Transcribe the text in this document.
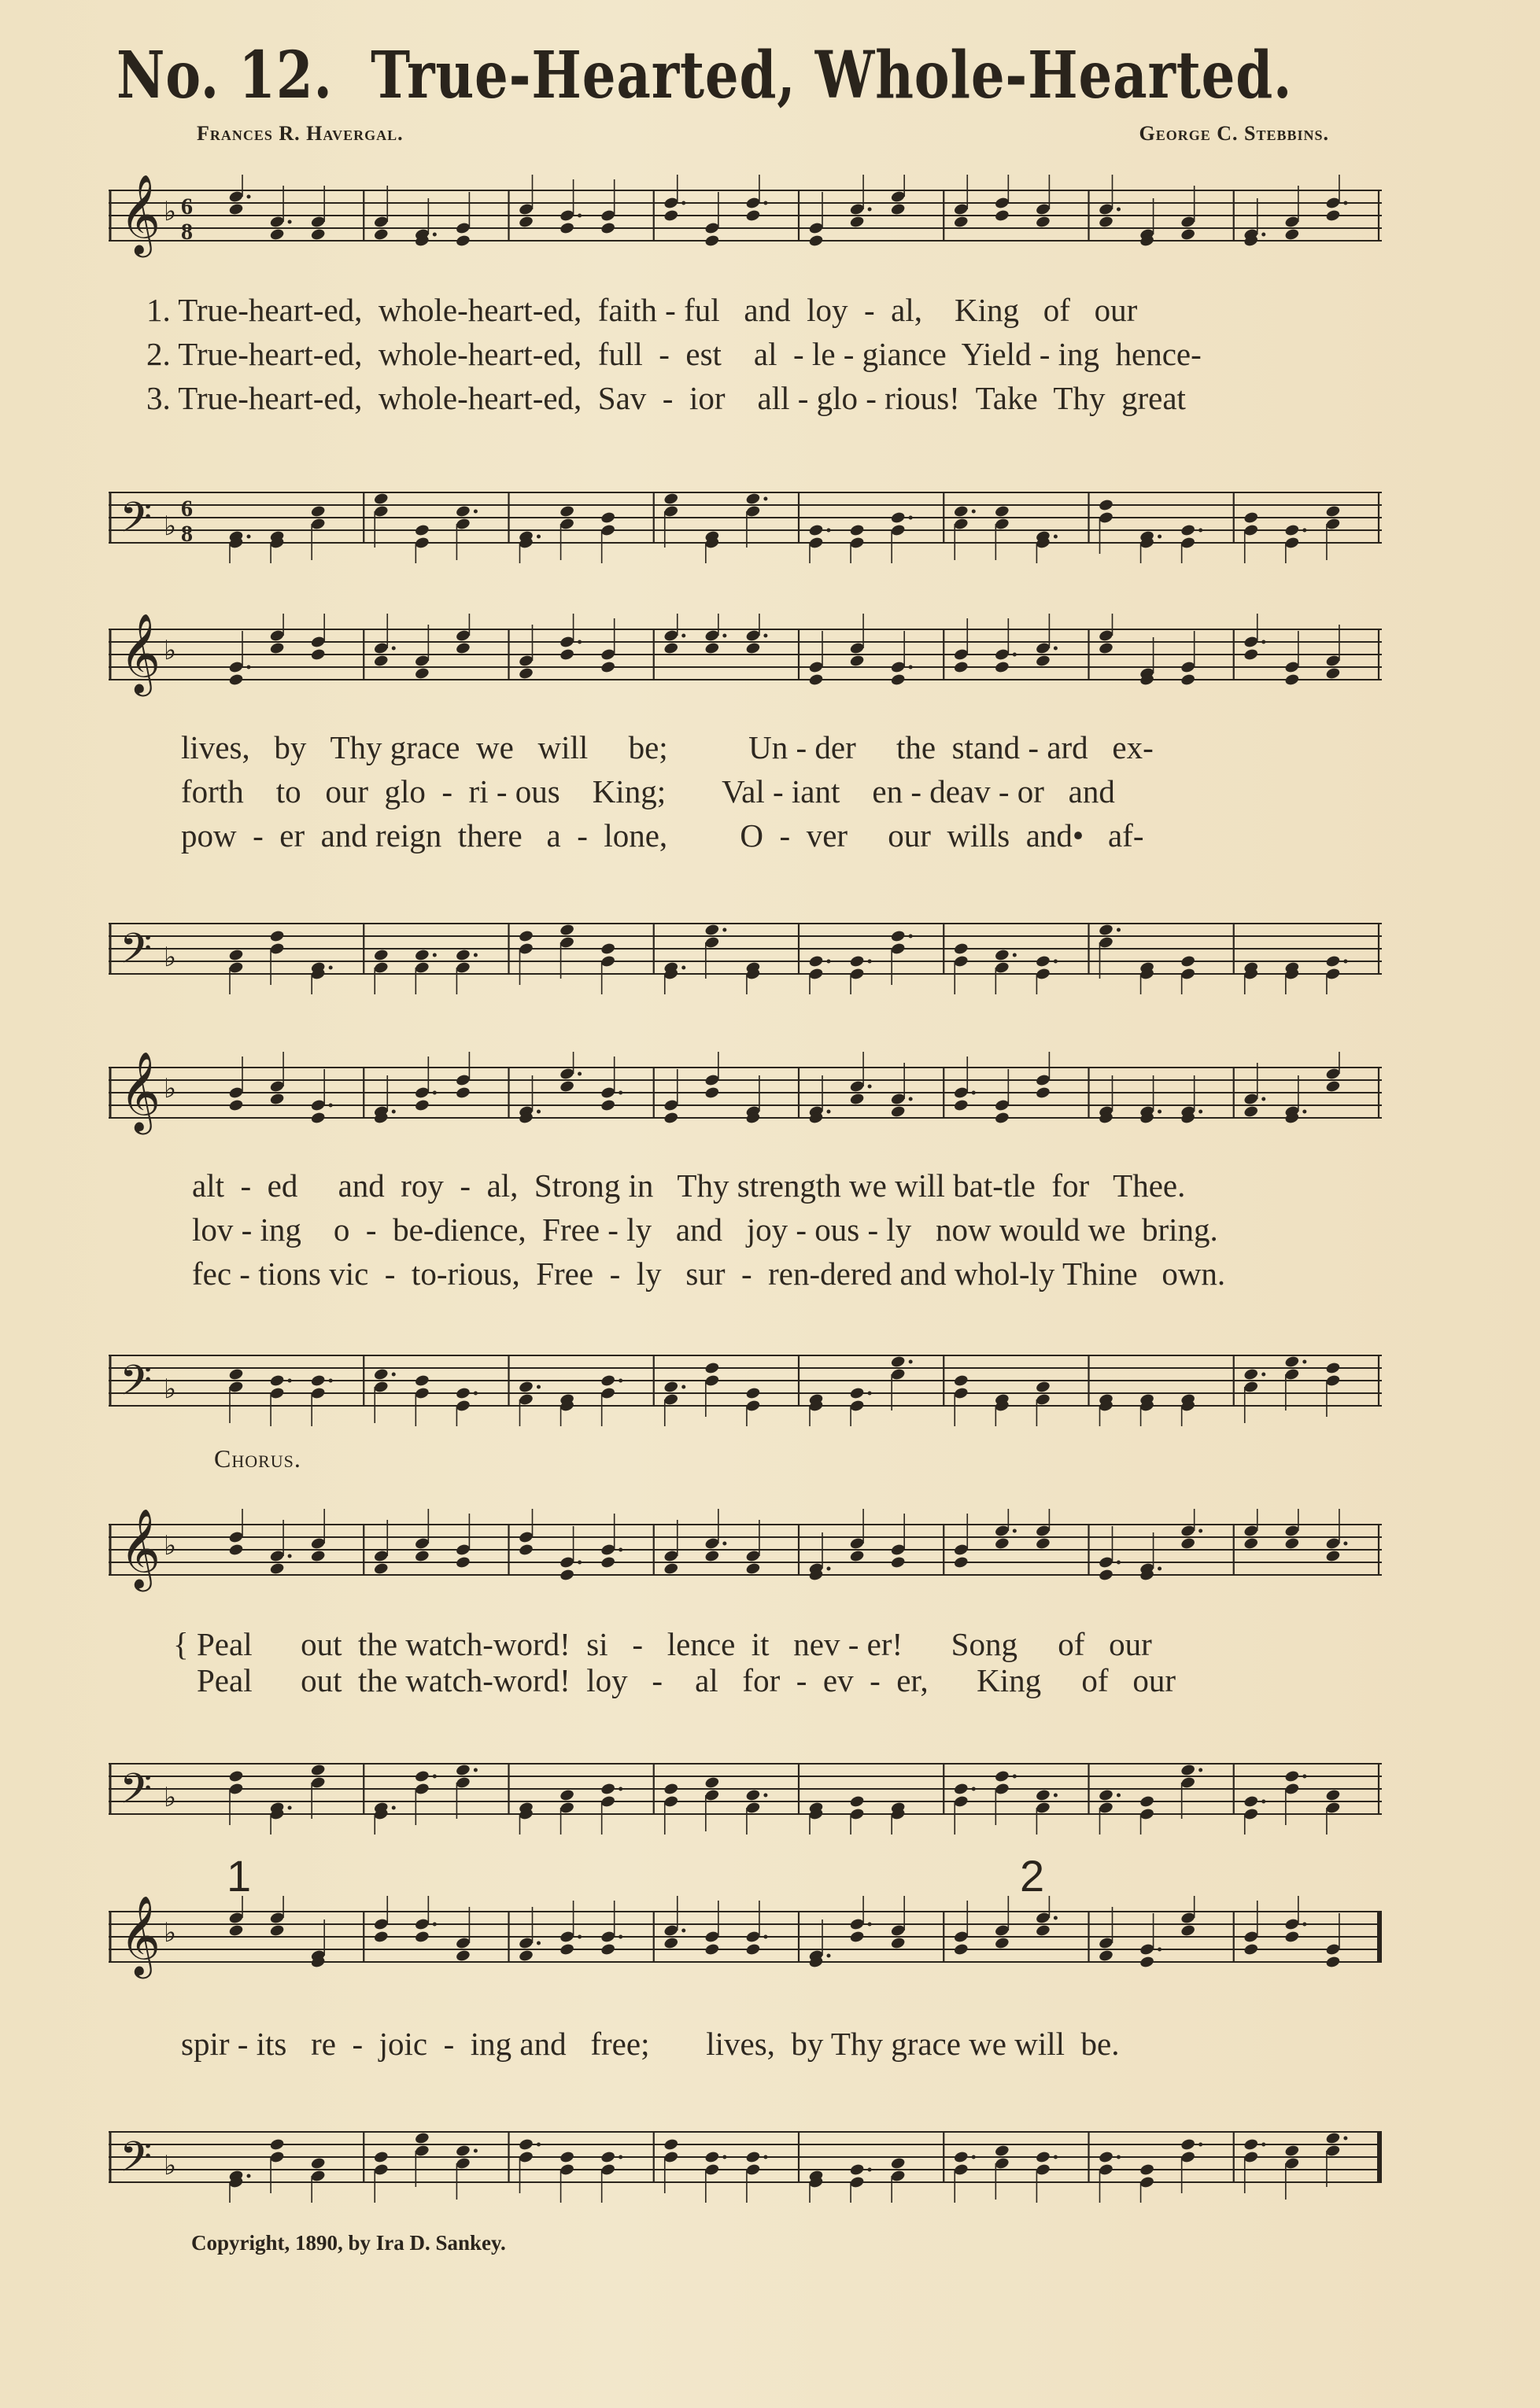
No. 12. True-Hearted, Whole-Hearted.
Frances R. Havergal.	George C. Stebbins.
𝄞 ♭ 6
8
1. True-heart-ed,  whole-heart-ed,  faith - ful   and  loy  -  al,    King   of   our
2. True-heart-ed,  whole-heart-ed,  full  -  est    al  - le - giance  Yield - ing  hence-
3. True-heart-ed,  whole-heart-ed,  Sav  -  ior    all - glo - rious!  Take  Thy  great
𝄢 ♭
6
8
𝄞 ♭
lives,   by   Thy grace  we   will     be;          Un - der     the  stand - ard   ex-
forth    to   our  glo  -  ri - ous    King;       Val - iant    en - deav - or   and
pow  -  er  and reign  there   a  -  lone,         O  -  ver     our  wills  and•   af-
𝄢 ♭
𝄞 ♭
alt  -  ed     and  roy  -  al,  Strong in   Thy strength we will bat-tle  for   Thee.
lov - ing    o  -  be-dience,  Free - ly   and   joy - ous - ly   now would we  bring.
fec - tions vic  -  to-rious,  Free  -  ly   sur  -  ren-dered and whol-ly Thine   own.
𝄢 ♭
Chorus.
𝄞 ♭
{ Peal      out  the watch-word!  si   -   lence  it   nev - er!      Song     of   our
Peal      out  the watch-word!  loy   -    al   for  -  ev  -  er,      King     of   our
𝄢 ♭
1	2
𝄞 ♭
spir - its   re  -  joic  -  ing and   free;       lives,  by Thy grace we will  be.
𝄢 ♭
Copyright, 1890, by Ira D. Sankey.
